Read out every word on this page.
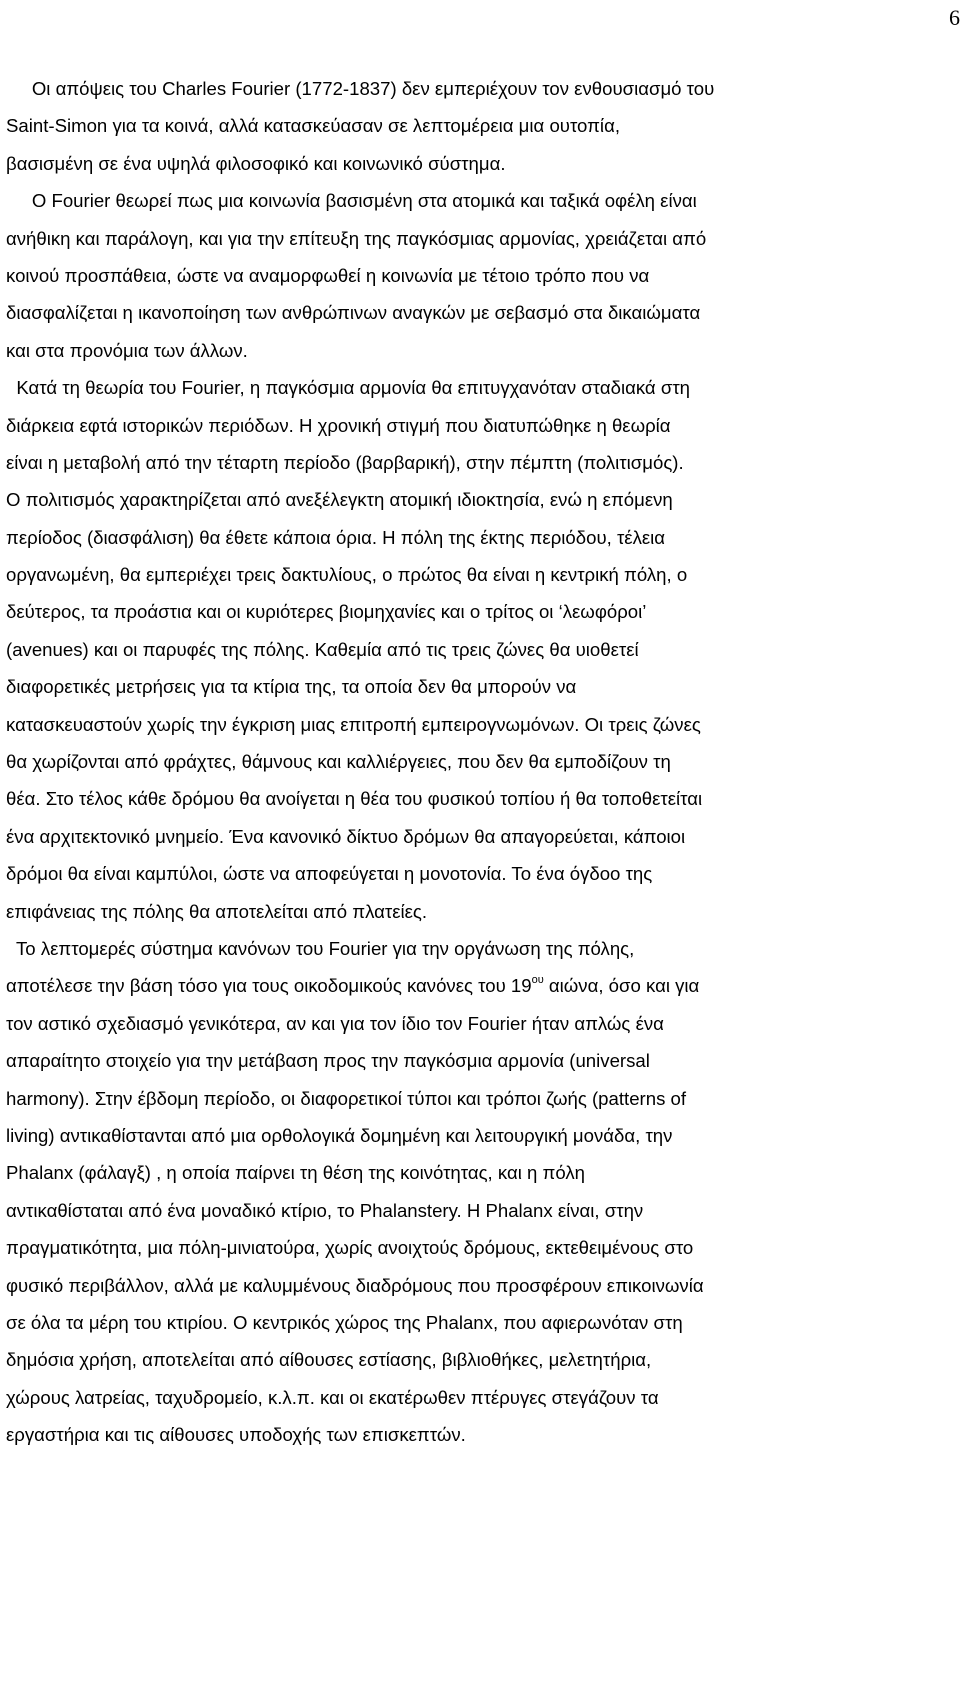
6
Οι απόψεις του Charles Fourier (1772-1837) δεν εμπεριέχουν τον ενθουσιασμό του
Saint-Simon για τα κοινά, αλλά κατασκεύασαν σε λεπτομέρεια μια ουτοπία,
βασισμένη σε ένα υψηλά φιλοσοφικό και κοινωνικό σύστημα.
Ο Fourier θεωρεί πως μια κοινωνία βασισμένη στα ατομικά και ταξικά οφέλη είναι
ανήθικη και παράλογη, και για την επίτευξη της παγκόσμιας αρμονίας, χρειάζεται από
κοινού προσπάθεια, ώστε να αναμορφωθεί η κοινωνία με τέτοιο τρόπο που να
διασφαλίζεται η ικανοποίηση των ανθρώπινων αναγκών με σεβασμό στα δικαιώματα
και στα προνόμια των άλλων.
Κατά τη θεωρία του Fourier, η παγκόσμια αρμονία θα επιτυγχανόταν σταδιακά στη
διάρκεια εφτά ιστορικών περιόδων. Η χρονική στιγμή που διατυπώθηκε η θεωρία
είναι η μεταβολή από την τέταρτη περίοδο (βαρβαρική), στην πέμπτη (πολιτισμός).
Ο πολιτισμός χαρακτηρίζεται από ανεξέλεγκτη ατομική ιδιοκτησία, ενώ η επόμενη
περίοδος (διασφάλιση) θα έθετε κάποια όρια. Η πόλη της έκτης περιόδου, τέλεια
οργανωμένη, θα εμπεριέχει τρεις δακτυλίους, ο πρώτος θα είναι η κεντρική πόλη, ο
δεύτερος, τα προάστια και οι κυριότερες βιομηχανίες και ο τρίτος οι ‘λεωφόροι’
(avenues) και οι παρυφές της πόλης. Καθεμία από τις τρεις ζώνες θα υιοθετεί
διαφορετικές μετρήσεις για τα κτίρια της, τα οποία δεν θα μπορούν να
κατασκευαστούν χωρίς την έγκριση μιας επιτροπή εμπειρογνωμόνων. Οι τρεις ζώνες
θα χωρίζονται από φράχτες, θάμνους και καλλιέργειες, που δεν θα εμποδίζουν τη
θέα. Στο τέλος κάθε δρόμου θα ανοίγεται η θέα του φυσικού τοπίου ή θα τοποθετείται
ένα αρχιτεκτονικό μνημείο. Ένα κανονικό δίκτυο δρόμων θα απαγορεύεται, κάποιοι
δρόμοι θα είναι καμπύλοι, ώστε να αποφεύγεται η μονοτονία. Το ένα όγδοο της
επιφάνειας της πόλης θα αποτελείται από πλατείες.
Το λεπτομερές σύστημα κανόνων του Fourier για την οργάνωση της πόλης,
αποτέλεσε την βάση τόσο για τους οικοδομικούς κανόνες του $19^{o\upsilon}$ αιώνα, όσο και για
τον αστικό σχεδιασμό γενικότερα, αν και για τον ίδιο τον Fourier ήταν απλώς ένα
απαραίτητο στοιχείο για την μετάβαση προς την παγκόσμια αρμονία (universal
harmony). Στην έβδομη περίοδο, οι διαφορετικοί τύποι και τρόποι ζωής (patterns of
living) αντικαθίστανται από μια ορθολογικά δομημένη και λειτουργική μονάδα, την
Phalanx (φάλαγξ) , η οποία παίρνει τη θέση της κοινότητας, και η πόλη
αντικαθίσταται από ένα μοναδικό κτίριο, το Phalanstery. Η Phalanx είναι, στην
πραγματικότητα, μια πόλη-μινιατούρα, χωρίς ανοιχτούς δρόμους, εκτεθειμένους στο
φυσικό περιβάλλον, αλλά με καλυμμένους διαδρόμους που προσφέρουν επικοινωνία
σε όλα τα μέρη του κτιρίου. Ο κεντρικός χώρος της Phalanx, που αφιερωνόταν στη
δημόσια χρήση, αποτελείται από αίθουσες εστίασης, βιβλιοθήκες, μελετητήρια,
χώρους λατρείας, ταχυδρομείο, κ.λ.π. και οι εκατέρωθεν πτέρυγες στεγάζουν τα
εργαστήρια και τις αίθουσες υποδοχής των επισκεπτών.
